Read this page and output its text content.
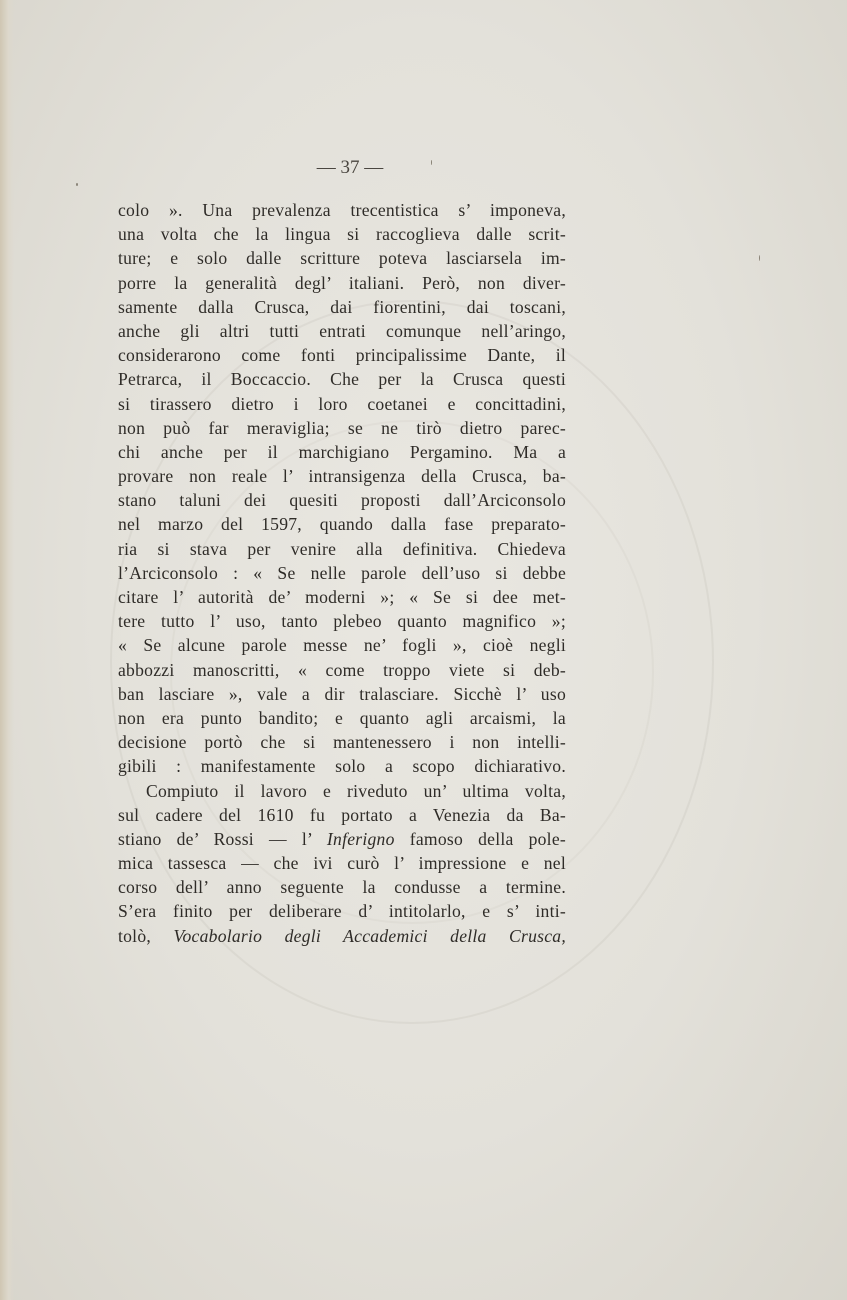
— 37 —
colo ». Una prevalenza trecentistica s’ imponeva,
una volta che la lingua si raccoglieva dalle scrit-
ture; e solo dalle scritture poteva lasciarsela im-
porre la generalità degl’ italiani. Però, non diver-
samente dalla Crusca, dai fiorentini, dai toscani,
anche gli altri tutti entrati comunque nell’aringo,
considerarono come fonti principalissime Dante, il
Petrarca, il Boccaccio. Che per la Crusca questi
si tirassero dietro i loro coetanei e concittadini,
non può far meraviglia; se ne tirò dietro parec-
chi anche per il marchigiano Pergamino. Ma a
provare non reale l’ intransigenza della Crusca, ba-
stano taluni dei quesiti proposti dall’Arciconsolo
nel marzo del 1597, quando dalla fase preparato-
ria si stava per venire alla definitiva. Chiedeva
l’Arciconsolo : « Se nelle parole dell’uso si debbe
citare l’ autorità de’ moderni »; « Se si dee met-
tere tutto l’ uso, tanto plebeo quanto magnifico »;
« Se alcune parole messe ne’ fogli », cioè negli
abbozzi manoscritti, « come troppo viete si deb-
ban lasciare », vale a dir tralasciare. Sicchè l’ uso
non era punto bandito; e quanto agli arcaismi, la
decisione portò che si mantenessero i non intelli-
gibili : manifestamente solo a scopo dichiarativo.
Compiuto il lavoro e riveduto un’ ultima volta,
sul cadere del 1610 fu portato a Venezia da Ba-
stiano de’ Rossi — l’ Inferigno famoso della pole-
mica tassesca — che ivi curò l’ impressione e nel
corso dell’ anno seguente la condusse a termine.
S’era finito per deliberare d’ intitolarlo, e s’ inti-
tolò, Vocabolario degli Accademici della Crusca,
